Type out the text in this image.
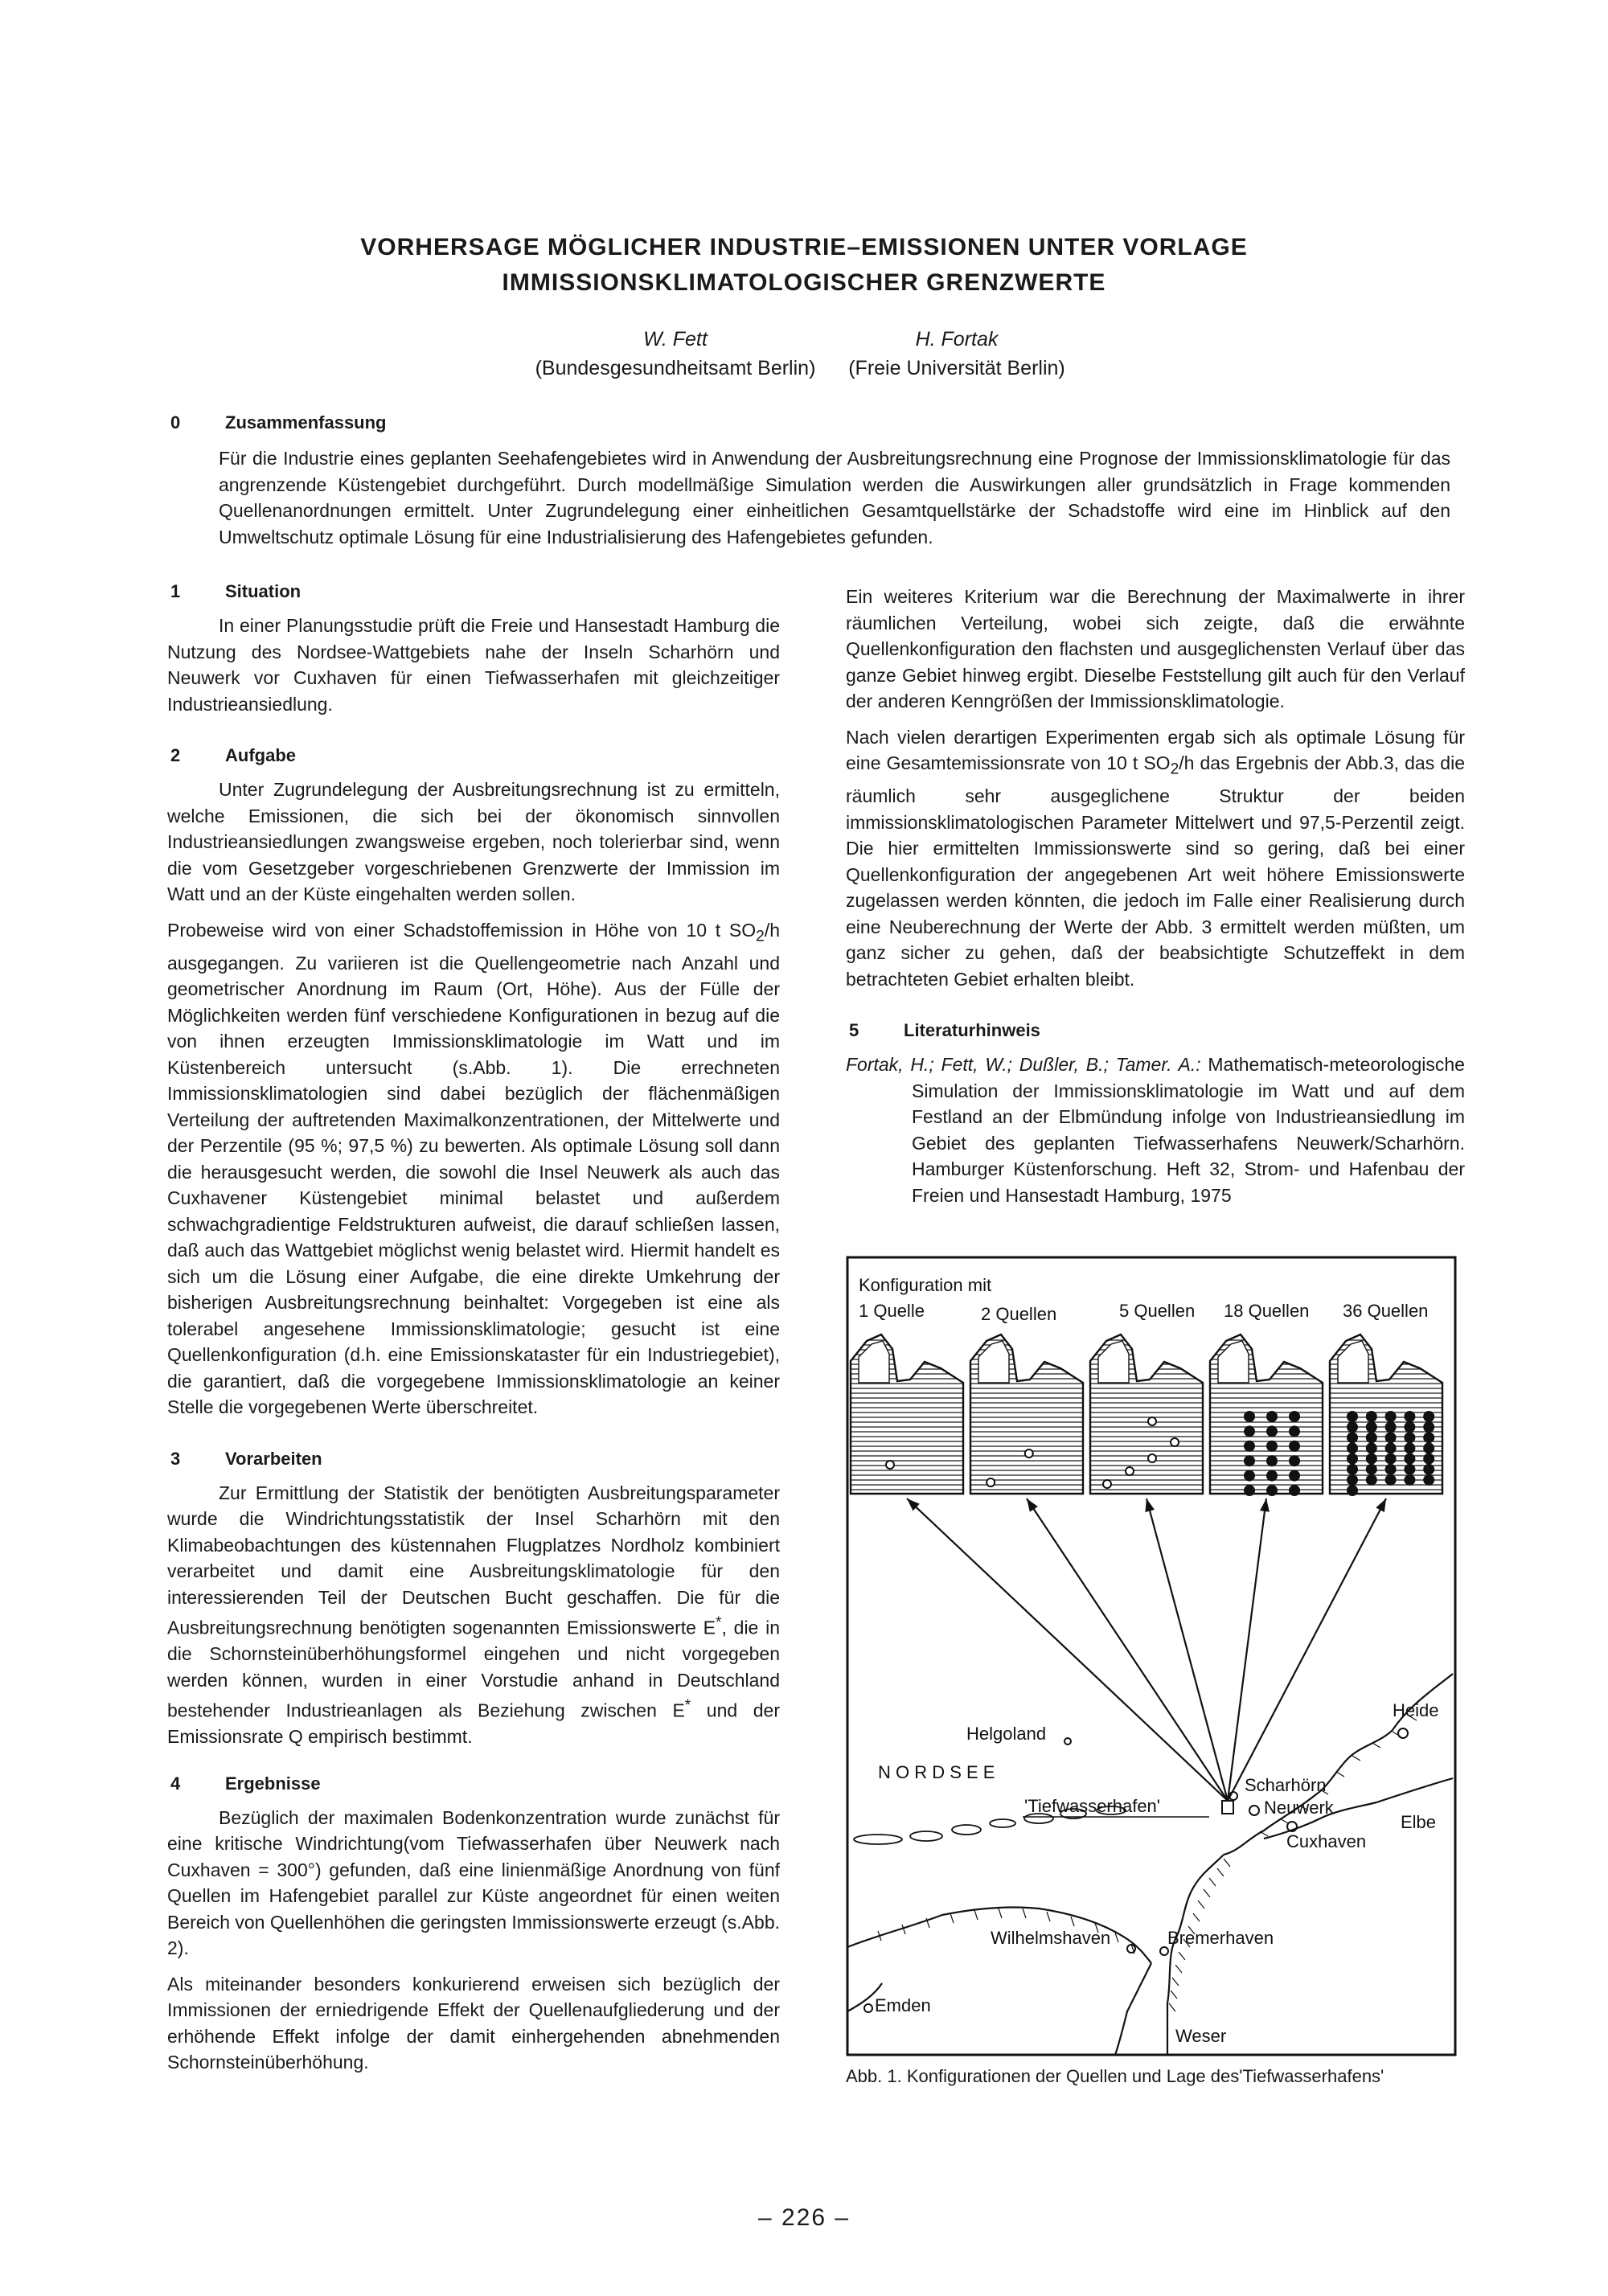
VORHERSAGE MÖGLICHER INDUSTRIE–EMISSIONEN UNTER VORLAGE
IMMISSIONSKLIMATOLOGISCHER GRENZWERTE
W. Fett
(Bundesgesundheitsamt Berlin)
H. Fortak
(Freie Universität Berlin)
0	Zusammenfassung

Für die Industrie eines geplanten Seehafengebietes wird in Anwendung der Ausbreitungsrechnung eine Prognose der Immissionsklimatologie für das angrenzende Küstengebiet durchgeführt. Durch modellmäßige Simulation werden die Auswirkungen aller grundsätzlich in Frage kommenden Quellenanordnungen ermittelt. Unter Zugrundelegung einer einheitlichen Gesamtquellstärke der Schadstoffe wird eine im Hinblick auf den Umweltschutz optimale Lösung für eine Industrialisierung des Hafengebietes gefunden.

1	Situation

In einer Planungsstudie prüft die Freie und Hansestadt Hamburg die Nutzung des Nordsee-Wattgebiets nahe der Inseln Scharhörn und Neuwerk vor Cuxhaven für einen Tiefwasserhafen mit gleichzeitiger Industrieansiedlung.

2	Aufgabe

Unter Zugrundelegung der Ausbreitungsrechnung ist zu ermitteln, welche Emissionen, die sich bei der ökonomisch sinnvollen Industrieansiedlungen zwangsweise ergeben, noch tolerierbar sind, wenn die vom Gesetzgeber vorgeschriebenen Grenzwerte der Immission im Watt und an der Küste eingehalten werden sollen.

Probeweise wird von einer Schadstoffemission in Höhe von 10 t $SO_2/h$ ausgegangen. Zu variieren ist die Quellengeometrie nach Anzahl und geometrischer Anordnung im Raum (Ort, Höhe). Aus der Fülle der Möglichkeiten werden fünf verschiedene Konfigurationen in bezug auf die von ihnen erzeugten Immissionsklimatologie im Watt und im Küstenbereich untersucht (s.Abb. 1). Die errechneten Immissionsklimatologien sind dabei bezüglich der flächenmäßigen Verteilung der auftretenden Maximalkonzentrationen, der Mittelwerte und der Perzentile (95 %; 97,5 %) zu bewerten. Als optimale Lösung soll dann die herausgesucht werden, die sowohl die Insel Neuwerk als auch das Cuxhavener Küstengebiet minimal belastet und außerdem schwachgradientige Feldstrukturen aufweist, die darauf schließen lassen, daß auch das Wattgebiet möglichst wenig belastet wird. Hiermit handelt es sich um die Lösung einer Aufgabe, die eine direkte Umkehrung der bisherigen Ausbreitungsrechnung beinhaltet: Vorgegeben ist eine als tolerabel angesehene Immissionsklimatologie; gesucht ist eine Quellenkonfiguration (d.h. eine Emissionskataster für ein Industriegebiet), die garantiert, daß die vorgegebene Immissionsklimatologie an keiner Stelle die vorgegebenen Werte überschreitet.

3	Vorarbeiten

Zur Ermittlung der Statistik der benötigten Ausbreitungsparameter wurde die Windrichtungsstatistik der Insel Scharhörn mit den Klimabeobachtungen des küstennahen Flugplatzes Nordholz kombiniert verarbeitet und damit eine Ausbreitungsklimatologie für den interessierenden Teil der Deutschen Bucht geschaffen. Die für die Ausbreitungsrechnung benötigten sogenannten Emissionswerte E*, die in die Schornsteinüberhöhungsformel eingehen und nicht vorgegeben werden können, wurden in einer Vorstudie anhand in Deutschland bestehender Industrieanlagen als Beziehung zwischen E* und der Emissionsrate Q empirisch bestimmt.

4	Ergebnisse

Bezüglich der maximalen Bodenkonzentration wurde zunächst für eine kritische Windrichtung(vom Tiefwasserhafen über Neuwerk nach Cuxhaven = 300°) gefunden, daß eine linienmäßige Anordnung von fünf Quellen im Hafengebiet parallel zur Küste angeordnet für einen weiten Bereich von Quellenhöhen die geringsten Immissionswerte erzeugt (s.Abb. 2).

Als miteinander besonders konkurierend erweisen sich bezüglich der Immissionen der erniedrigende Effekt der Quellenaufgliederung und der erhöhende Effekt infolge der damit einhergehenden abnehmenden Schornsteinüberhöhung.

Ein weiteres Kriterium war die Berechnung der Maximalwerte in ihrer räumlichen Verteilung, wobei sich zeigte, daß die erwähnte Quellenkonfiguration den flachsten und ausgeglichensten Verlauf über das ganze Gebiet hinweg ergibt. Dieselbe Feststellung gilt auch für den Verlauf der anderen Kenngrößen der Immissionsklimatologie.

Nach vielen derartigen Experimenten ergab sich als optimale Lösung für eine Gesamtemissionsrate von 10 t $SO_2/h$ das Ergebnis der Abb.3, das die räumlich sehr ausgeglichene Struktur der beiden immissionsklimatologischen Parameter Mittelwert und 97,5-Perzentil zeigt. Die hier ermittelten Immissionswerte sind so gering, daß bei einer Quellenkonfiguration der angegebenen Art weit höhere Emissionswerte zugelassen werden könnten, die jedoch im Falle einer Realisierung durch eine Neuberechnung der Werte der Abb. 3 ermittelt werden müßten, um ganz sicher zu gehen, daß der beabsichtigte Schutzeffekt in dem betrachteten Gebiet erhalten bleibt.

5	Literaturhinweis

Fortak, H.; Fett, W.; Dußler, B.; Tamer. A.: Mathematisch-meteorologische Simulation der Immissionsklimatologie im Watt und auf dem Festland an der Elbmündung infolge von Industrieansiedlung im Gebiet des geplanten Tiefwasserhafens Neuwerk/Scharhörn. Hamburger Küstenforschung. Heft 32, Strom- und Hafenbau der Freien und Hansestadt Hamburg, 1975

Konfiguration mit
1 Quelle	2 Quellen	5 Quellen 18 Quellen 36 Quellen
Helgoland
Heide
N O R D S E E
Scharhörn
'Tiefwasserhafen'	Neuwerk
Elbe
Cuxhaven
Wilhelmshaven	Bremerhaven
Emden
Weser
Abb. 1. Konfigurationen der Quellen und Lage des'Tiefwasserhafens'
– 226 –
